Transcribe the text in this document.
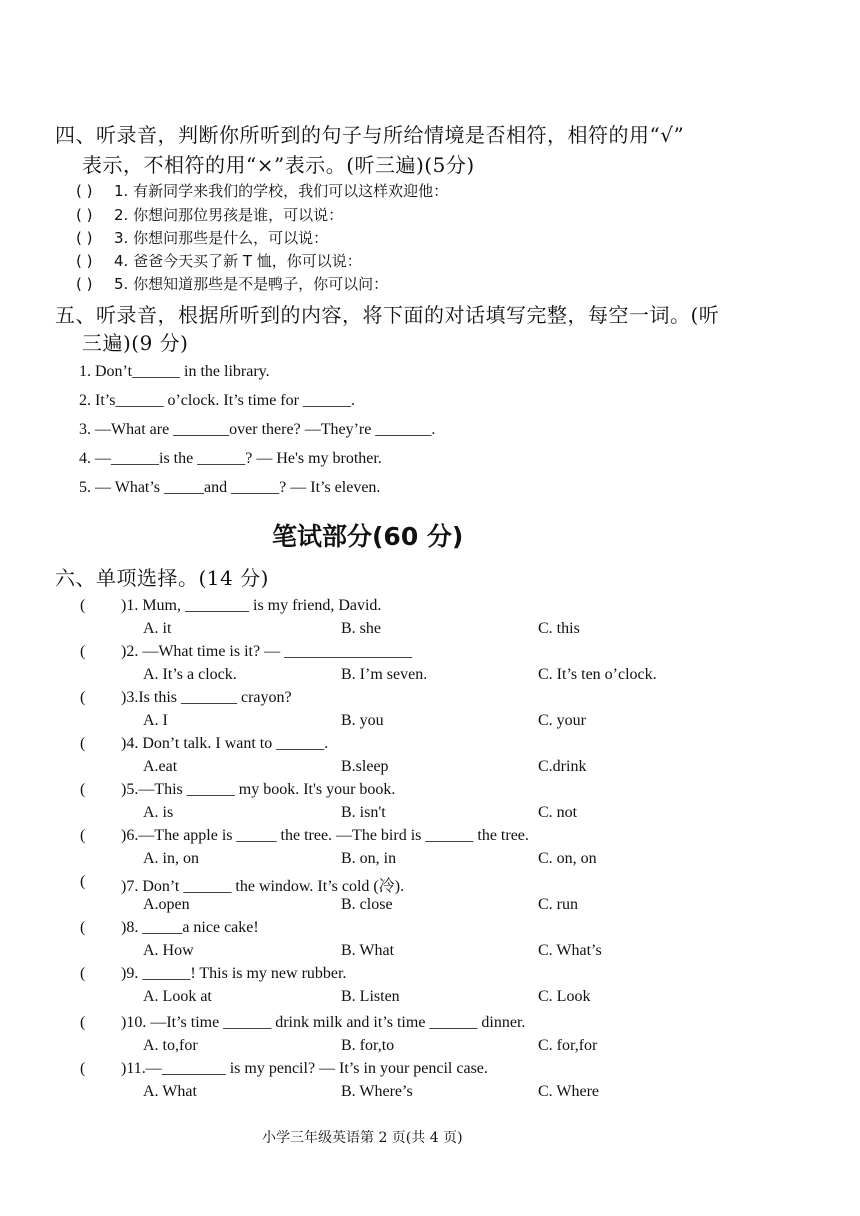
四、听录音，判断你所听到的句子与所给情境是否相符，相符的用“√”
表示，不相符的用“×”表示。(听三遍)(5分)
( ) 1. 有新同学来我们的学校，我们可以这样欢迎他：
( ) 2. 你想问那位男孩是谁，可以说：
( ) 3. 你想问那些是什么，可以说：
( ) 4. 爸爸今天买了新 T 恤，你可以说：
( ) 5. 你想知道那些是不是鸭子，你可以问：
五、听录音，根据所听到的内容，将下面的对话填写完整，每空一词。(听
三遍)(9 分)
1. Don’t______ in the library.
2. It’s______ o’clock. It’s time for ______.
3. —What are _______over there? —They’re _______.
4. —______is the ______? — He's my brother.
5. — What’s _____and ______? — It’s eleven.
笔试部分(60 分)
六、单项选择。(14 分)
( )1. Mum, ________ is my friend, David.
A. it	B. she	C. this
( )2. —What time is it? — ________________
A. It’s a clock.	B. I’m seven.	C. It’s ten o’clock.
( )3.Is this _______ crayon?
A. I	B. you	C. your
( )4. Don’t talk. I want to ______.
A.eat	B.sleep	C.drink
( )5.—This ______ my book. It's your book.
A. is	B. isn't	C. not
( )6.—The apple is _____ the tree. —The bird is ______ the tree.
A. in, on	B. on, in	C. on, on
( )7. Don’t ______ the window. It’s cold (冷).
A.open	B. close	C. run
( )8. _____a nice cake!
A. How	B. What	C. What’s
( )9. ______! This is my new rubber.
A. Look at	B. Listen	C. Look
( )10. —It’s time ______ drink milk and it’s time ______ dinner.
A. to,for	B. for,to	C. for,for
( )11.—________ is my pencil? — It’s in your pencil case.
A. What	B. Where’s	C. Where
小学三年级英语第 2 页(共 4 页)
